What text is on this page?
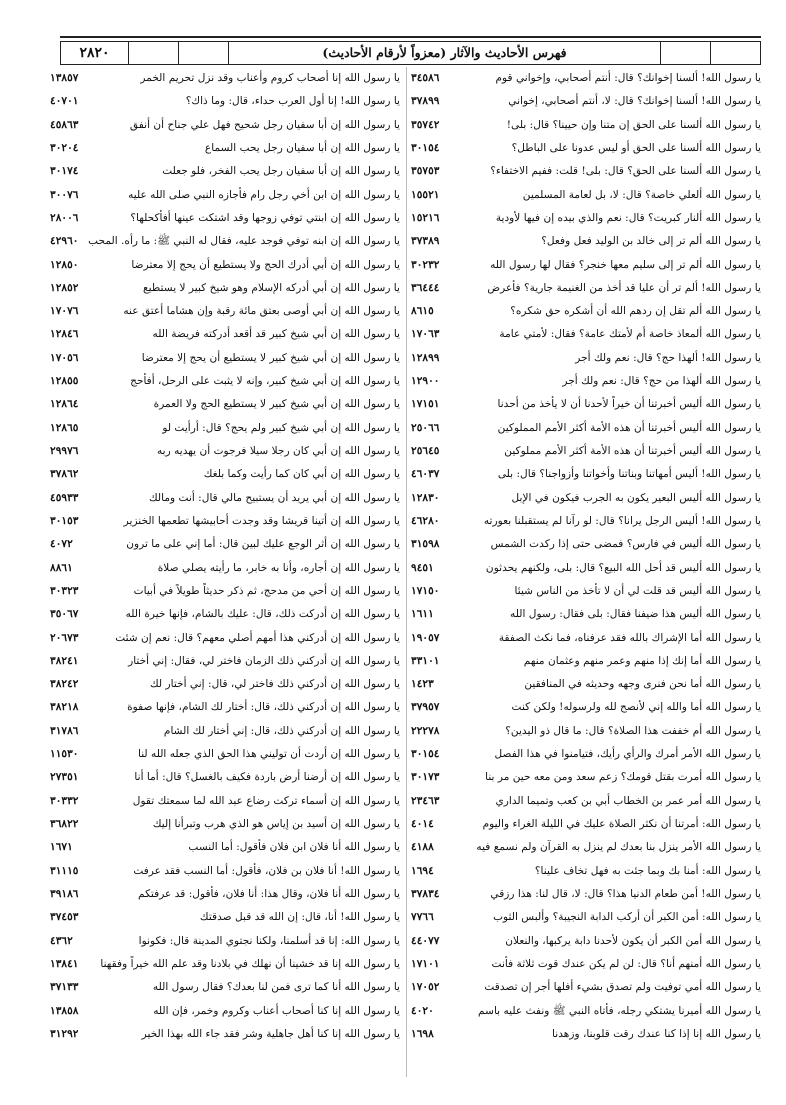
٢٨٢٠	فهرس الأحاديث والآثار (معزواً لأرقام الأحاديث)
يا رسول الله! ألسنا إخوانك؟ قال: أنتم أصحابي، وإخواني قوم
٣٤٥٨٦
يا رسول الله! ألسنا إخوانك؟ قال: لا، أنتم أصحابي، إخواني
٣٧٨٩٩
يا رسول الله ألسنا على الحق إن متنا وإن حيينا؟ قال: بلى!
٣٥٧٤٢
يا رسول الله ألسنا على الحق أو ليس عدونا على الباطل؟
٣٠١٥٤
يا رسول الله ألسنا على الحق؟ قال: بلى! قلت: ففيم الاختفاء؟
٣٥٧٥٣
يا رسول الله ألعلي خاصة؟ قال: لا، بل لعامة المسلمين
١٥٥٢١
يا رسول الله ألنار كبريت؟ قال: نعم والذي بيده إن فيها لأودية
١٥٢١٦
يا رسول الله ألم تر إلى خالد بن الوليد فعل وفعل؟
٣٧٣٨٩
يا رسول الله ألم تر إلى سليم معها خنجر؟ فقال لها رسول الله
٣٠٢٣٢
يا رسول الله! ألم تر أن عليا قد أخذ من الغنيمة جارية؟ فأعرض
٣٦٤٤٤
يا رسول الله ألم تقل إن ردهم الله أن أشكره حق شكره؟
٨٦١٥
يا رسول الله ألمعاذ خاصة أم لأمتك عامة؟ فقال: لأمتي عامة
١٧٠٦٣
يا رسول الله! ألهذا حج؟ قال: نعم ولك أجر
١٢٨٩٩
يا رسول الله ألهذا من حج؟ قال: نعم ولك أجر
١٢٩٠٠
يا رسول الله أليس أخبرتنا أن خيراً لأحدنا أن لا يأخذ من أحدنا
١٧١٥١
يا رسول الله أليس أخبرتنا أن هذه الأمة أكثر الأمم المملوكين
٢٥٠٦٦
يا رسول الله أليس أخبرتنا أن هذه الأمة أكثر الأمم مملوكين
٢٥٦٤٥
يا رسول الله! أليس أمهاتنا وبناتنا وأخواتنا وأزواجنا؟ قال: بلى
٤٦٠٣٧
يا رسول الله أليس البعير يكون به الجرب فيكون في الإبل
١٢٨٣٠
يا رسول الله! أليس الرجل يرانا؟ قال: لو رآنا لم يستقبلنا بعورته
٤٦٢٨٠
يا رسول الله أليس في فارس؟ فمضى حتى إذا ركدت الشمس
٣١٥٩٨
يا رسول الله أليس قد أحل الله البيع؟ قال: بلى، ولكنهم يحدثون
٩٤٥١
يا رسول الله أليس قد قلت لي أن لا تأخذ من الناس شيئا
١٧١٥٠
يا رسول الله أليس هذا ضيفنا فقال: بلى فقال: رسول الله
١٦١١
يا رسول الله أما الإشراك بالله فقد عرفناه، فما نكث الصفقة
١٩٠٥٧
يا رسول الله أما إنك إذا منهم وعمر منهم وعثمان منهم
٣٣١٠١
يا رسول الله أما نحن فنرى وجهه وحديثه في المنافقين
١٤٢٣
يا رسول الله أما والله إني لأنصح لله ولرسوله! ولكن كنت
٣٧٩٥٧
يا رسول الله أم خففت هذا الصلاة؟ قال: ما قال ذو اليدين؟
٢٢٢٧٨
يا رسول الله الأمر أمرك والرأي رأيك، فتيامنوا في هذا الفصل
٣٠١٥٤
يا رسول الله أمرت بقتل قومك؟ زعم سعد ومن معه حين مر بنا
٣٠١٧٣
يا رسول الله أمر عمر بن الخطاب أبي بن كعب وتميما الداري
٢٣٤٦٣
يا رسول الله: أمرتنا أن نكثر الصلاة عليك في الليلة الغراء واليوم
٤٠١٤
يا رسول الله الأمر ينزل بنا بعدك لم ينزل به القرآن ولم نسمع فيه
٤١٨٨
يا رسول الله: أمنا بك وبما جئت به فهل تخاف علينا؟
١٦٩٤
يا رسول الله! أمن طعام الدنيا هذا؟ قال: لا، قال لنا: هذا رزقي
٣٧٨٣٤
يا رسول الله: أمن الكبر أن أركب الدابة النجيبة؟ وألبس الثوب
٧٧٦٦
يا رسول الله أمن الكبر أن يكون لأحدنا دابة يركبها، والنعلان
٤٤٠٧٧
يا رسول الله أمنهم أنا؟ قال: لن لم يكن عندك قوت ثلاثة فأنت
١٧١٠١
يا رسول الله أمي توفيت ولم تصدق بشيء أفلها أجر إن تصدقت
١٧٠٥٢
يا رسول الله أميرنا يشتكي رجله، فأتاه النبي ﷺ ونفث عليه باسم
٤٠٢٠
يا رسول الله إنا إذا كنا عندك رقت قلوبنا، وزهدنا
١٦٩٨
يا رسول الله إنا أصحاب كروم وأعناب وقد نزل تحريم الخمر
١٣٨٥٧
يا رسول الله! إنا أول العرب حداء، قال: وما ذاك؟
٤٠٧٠١
يا رسول الله إن أبا سفيان رجل شحيح فهل علي جناح أن أنفق
٤٥٨٦٣
يا رسول الله إن أبا سفيان رجل يحب السماع
٣٠٢٠٤
يا رسول الله إن أبا سفيان رجل يحب الفخر، فلو جعلت
٣٠١٧٤
يا رسول الله إن ابن أخي رجل رام فأجازه النبي صلى الله عليه
٣٠٠٧٦
يا رسول الله إن ابنتي توفي زوجها وقد اشتكت عينها أفأكحلها؟
٢٨٠٠٦
يا رسول الله إن ابنه توفي فوجد عليه، فقال له النبي ﷺ: ما رأه. المحب
٤٢٩٦٠
يا رسول الله إن أبي أدرك الحج ولا يستطيع أن يحج إلا معترضا
١٢٨٥٠
يا رسول الله إن أبي أدركه الإسلام وهو شيخ كبير لا يستطيع
١٢٨٥٢
يا رسول الله إن أبي أوصى بعتق مائة رقبة وإن هشاما أعتق عنه
١٧٠٧٦
يا رسول الله إن أبي شيخ كبير قد أقعد أدركته فريضة الله
١٢٨٤٦
يا رسول الله إن أبي شيخ كبير لا يستطيع أن يحج إلا معترضا
١٧٠٥٦
يا رسول الله إن أبي شيخ كبير، وإنه لا يثبت على الرحل، أفأحج
١٢٨٥٥
يا رسول الله إن أبي شيخ كبير لا يستطيع الحج ولا العمرة
١٢٨٦٤
يا رسول الله إن أبي شيخ كبير ولم يحج؟ قال: أرأيت لو
١٢٨٦٥
يا رسول الله إن أبي كان رجلا سيلا فرجوت أن يهديه ربه
٢٩٩٧٦
يا رسول الله إن أبي كان كما رأيت وكما بلغك
٣٧٨٦٢
يا رسول الله إن أبي يريد أن يستبيح مالي قال: أنت ومالك
٤٥٩٣٣
يا رسول الله إن أتينا قريشا وقد وجدت أحابيشها تطعمها الخنزير
٣٠١٥٣
يا رسول الله إن أثر الوجع عليك لبين قال: أما إني على ما ترون
٤٠٧٢
يا رسول الله إن أجاره، وأنا به خابر، ما رأيته يصلي صلاة
٨٨٦١
يا رسول الله إن أحي من مدحج، ثم ذكر حديثاً طويلاً في أبيات
٣٠٣٢٣
يا رسول الله إن أدركت ذلك، قال: عليك بالشام، فإنها خيرة الله
٣٥٠٦٧
يا رسول الله إن أدركني هذا أمهم أصلي معهم؟ قال: نعم إن شئت
٢٠٦٧٣
يا رسول الله إن أدركني ذلك الزمان فاختر لي، فقال: إني أختار
٣٨٢٤١
يا رسول الله إن أدركني ذلك فاختر لي، قال: إني أختار لك
٣٨٢٤٢
يا رسول الله إن أدركني ذلك، قال: أختار لك الشام، فإنها صفوة
٣٨٢١٨
يا رسول الله إن أدركني ذلك، قال: إني أختار لك الشام
٣١٧٨٦
يا رسول الله إن أردت أن توليني هذا الحق الذي جعله الله لنا
١١٥٣٠
يا رسول الله إن أرضنا أرض باردة فكيف بالغسل؟ قال: أما أنا
٢٧٣٥١
يا رسول الله إن أسماء تركت رضاع عبد الله لما سمعتك تقول
٣٠٣٣٢
يا رسول الله إن أسيد بن إياس هو الذي هرب وتبرأنا إليك
٣٦٨٢٢
يا رسول الله أنا فلان ابن فلان فأقول: أما النسب
١٦٧١
يا رسول الله! أنا فلان بن فلان، فأقول: أما النسب فقد عرفت
٣١١١٥
يا رسول الله أنا فلان، وقال هذا: أنا فلان، فأقول: قد عرفتكم
٣٩١٨٦
يا رسول الله! أنا، قال: إن الله قد قبل صدقتك
٣٧٤٥٣
يا رسول الله: إنا قد أسلمنا، ولكنا نجتوي المدينة قال: فكونوا
٤٣٦٢
يا رسول الله إنا قد خشينا أن نهلك في بلادنا وقد علم الله خيراً وفقهنا
١٣٨٤١
يا رسول الله أنا كما ترى فمن لنا بعدك؟ فقال رسول الله
٣٧١٣٣
يا رسول الله إنا كنا أصحاب أعناب وكروم وخمر، فإن الله
١٣٨٥٨
يا رسول الله إنا كنا أهل جاهلية وشر فقد جاء الله بهذا الخير
٣١٢٩٢
